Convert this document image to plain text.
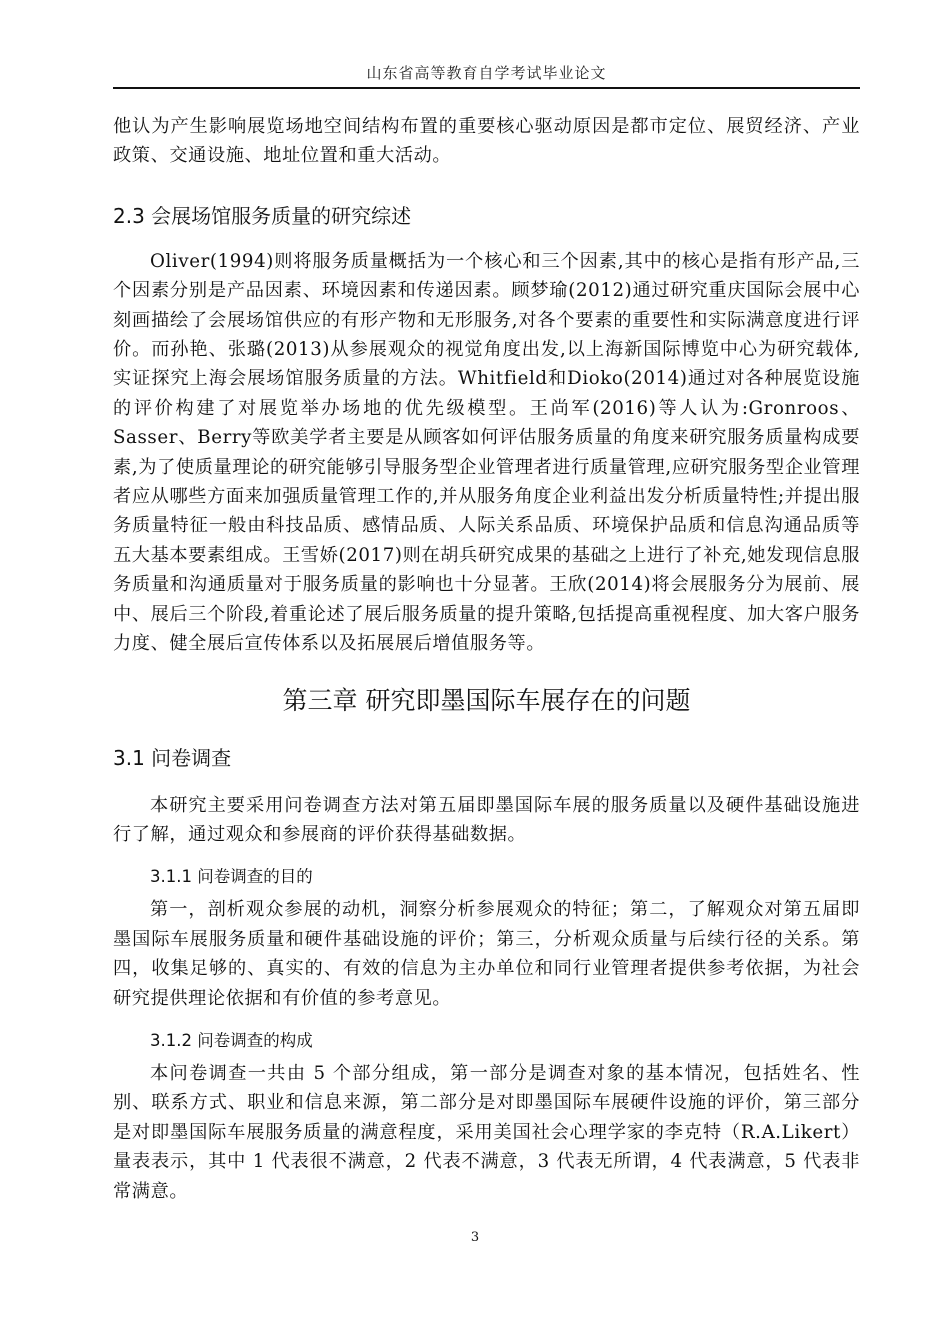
山东省高等教育自学考试毕业论文

他认为产生影响展览场地空间结构布置的重要核心驱动原因是都市定位、展贸经济、产业政策、交通设施、地址位置和重大活动。

2.3 会展场馆服务质量的研究综述

Oliver(1994)则将服务质量概括为一个核心和三个因素,其中的核心是指有形产品,三个因素分别是产品因素、环境因素和传递因素。顾梦瑜(2012)通过研究重庆国际会展中心刻画描绘了会展场馆供应的有形产物和无形服务,对各个要素的重要性和实际满意度进行评价。而孙艳、张璐(2013)从参展观众的视觉角度出发,以上海新国际博览中心为研究载体,实证探究上海会展场馆服务质量的方法。Whitfield和Dioko(2014)通过对各种展览设施的评价构建了对展览举办场地的优先级模型。王尚军(2016)等人认为:Gronroos、Sasser、Berry等欧美学者主要是从顾客如何评估服务质量的角度来研究服务质量构成要素,为了使质量理论的研究能够引导服务型企业管理者进行质量管理,应研究服务型企业管理者应从哪些方面来加强质量管理工作的,并从服务角度企业利益出发分析质量特性;并提出服务质量特征一般由科技品质、感情品质、人际关系品质、环境保护品质和信息沟通品质等五大基本要素组成。王雪娇(2017)则在胡兵研究成果的基础之上进行了补充,她发现信息服务质量和沟通质量对于服务质量的影响也十分显著。王欣(2014)将会展服务分为展前、展中、展后三个阶段,着重论述了展后服务质量的提升策略,包括提高重视程度、加大客户服务力度、健全展后宣传体系以及拓展展后增值服务等。

第三章 研究即墨国际车展存在的问题
3.1 问卷调查

本研究主要采用问卷调查方法对第五届即墨国际车展的服务质量以及硬件基础设施进行了解，通过观众和参展商的评价获得基础数据。

3.1.1 问卷调查的目的

第一，剖析观众参展的动机，洞察分析参展观众的特征；第二，了解观众对第五届即墨国际车展服务质量和硬件基础设施的评价；第三，分析观众质量与后续行径的关系。第四，收集足够的、真实的、有效的信息为主办单位和同行业管理者提供参考依据，为社会研究提供理论依据和有价值的参考意见。

3.1.2 问卷调查的构成

本问卷调查一共由 5 个部分组成，第一部分是调查对象的基本情况，包括姓名、性别、联系方式、职业和信息来源，第二部分是对即墨国际车展硬件设施的评价，第三部分是对即墨国际车展服务质量的满意程度，采用美国社会心理学家的李克特（R.A.Likert）量表表示，其中 1 代表很不满意，2 代表不满意，3 代表无所谓，4 代表满意，5 代表非常满意。

3
